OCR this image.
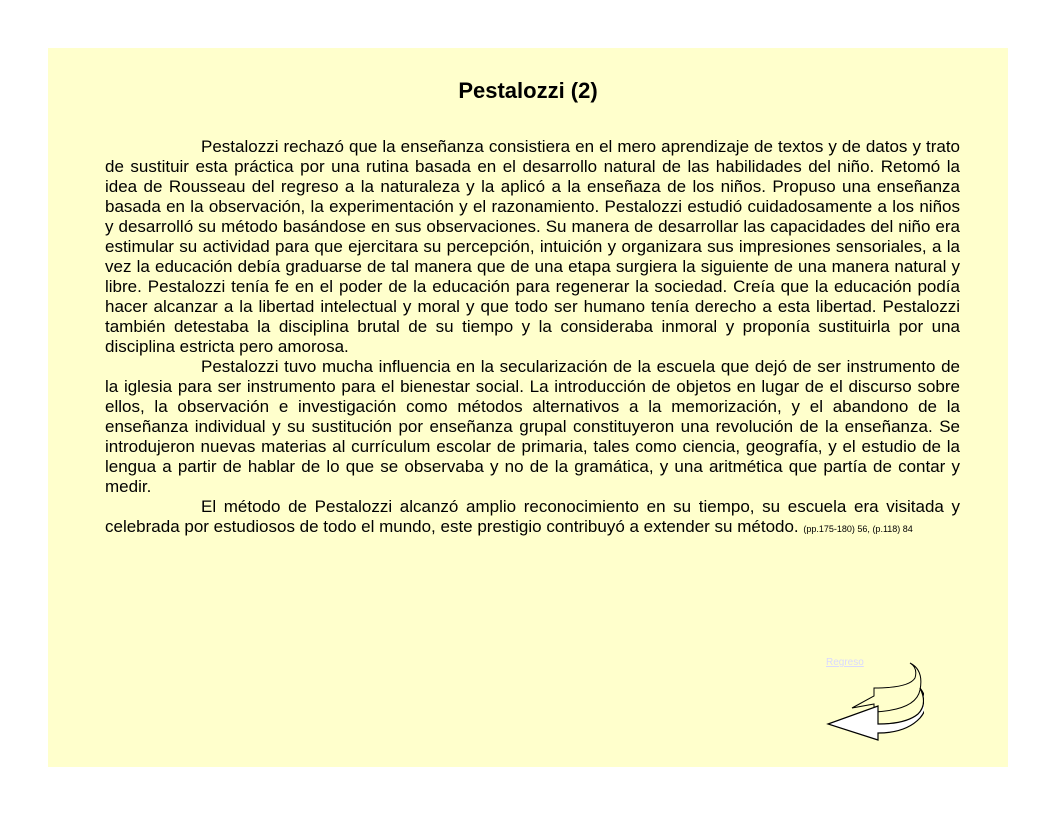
Pestalozzi (2)

Pestalozzi rechazó que la enseñanza consistiera en el mero aprendizaje de textos y de datos y trato de sustituir esta práctica por una rutina basada en el desarrollo natural de las habilidades del niño. Retomó la idea de Rousseau del regreso a la naturaleza y la aplicó a la enseñaza de los niños. Propuso una enseñanza basada en la observación, la experimentación y el razonamiento. Pestalozzi estudió cuidadosamente a los niños y desarrolló su método basándose en sus observaciones. Su manera de desarrollar las capacidades del niño era estimular su actividad para que ejercitara su percepción, intuición y organizara sus impresiones sensoriales, a la vez la educación debía graduarse de tal manera que de una etapa surgiera la siguiente de una manera natural y libre. Pestalozzi tenía fe en el poder de la educación para regenerar la sociedad. Creía que la educación podía hacer alcanzar a la libertad intelectual y moral y que todo ser humano tenía derecho a esta libertad. Pestalozzi también detestaba la disciplina brutal de su tiempo y la consideraba inmoral y proponía sustituirla por una disciplina estricta pero amorosa.

Pestalozzi tuvo mucha influencia en la secularización de la escuela que dejó de ser instrumento de la iglesia para ser instrumento para el bienestar social. La introducción de objetos en lugar de el discurso sobre ellos, la observación e investigación como métodos alternativos a la memorización, y el abandono de la enseñanza individual y su sustitución por enseñanza grupal constituyeron una revolución de la enseñanza. Se introdujeron nuevas materias al currículum escolar de primaria, tales como ciencia, geografía, y el estudio de la lengua a partir de hablar de lo que se observaba y no de la gramática, y una aritmética que partía de contar y medir.

El método de Pestalozzi alcanzó amplio reconocimiento en su tiempo, su escuela era visitada y celebrada por estudiosos de todo el mundo, este prestigio contribuyó a extender su método. (pp.175-180) 56, (p.118) 84

Regreso
